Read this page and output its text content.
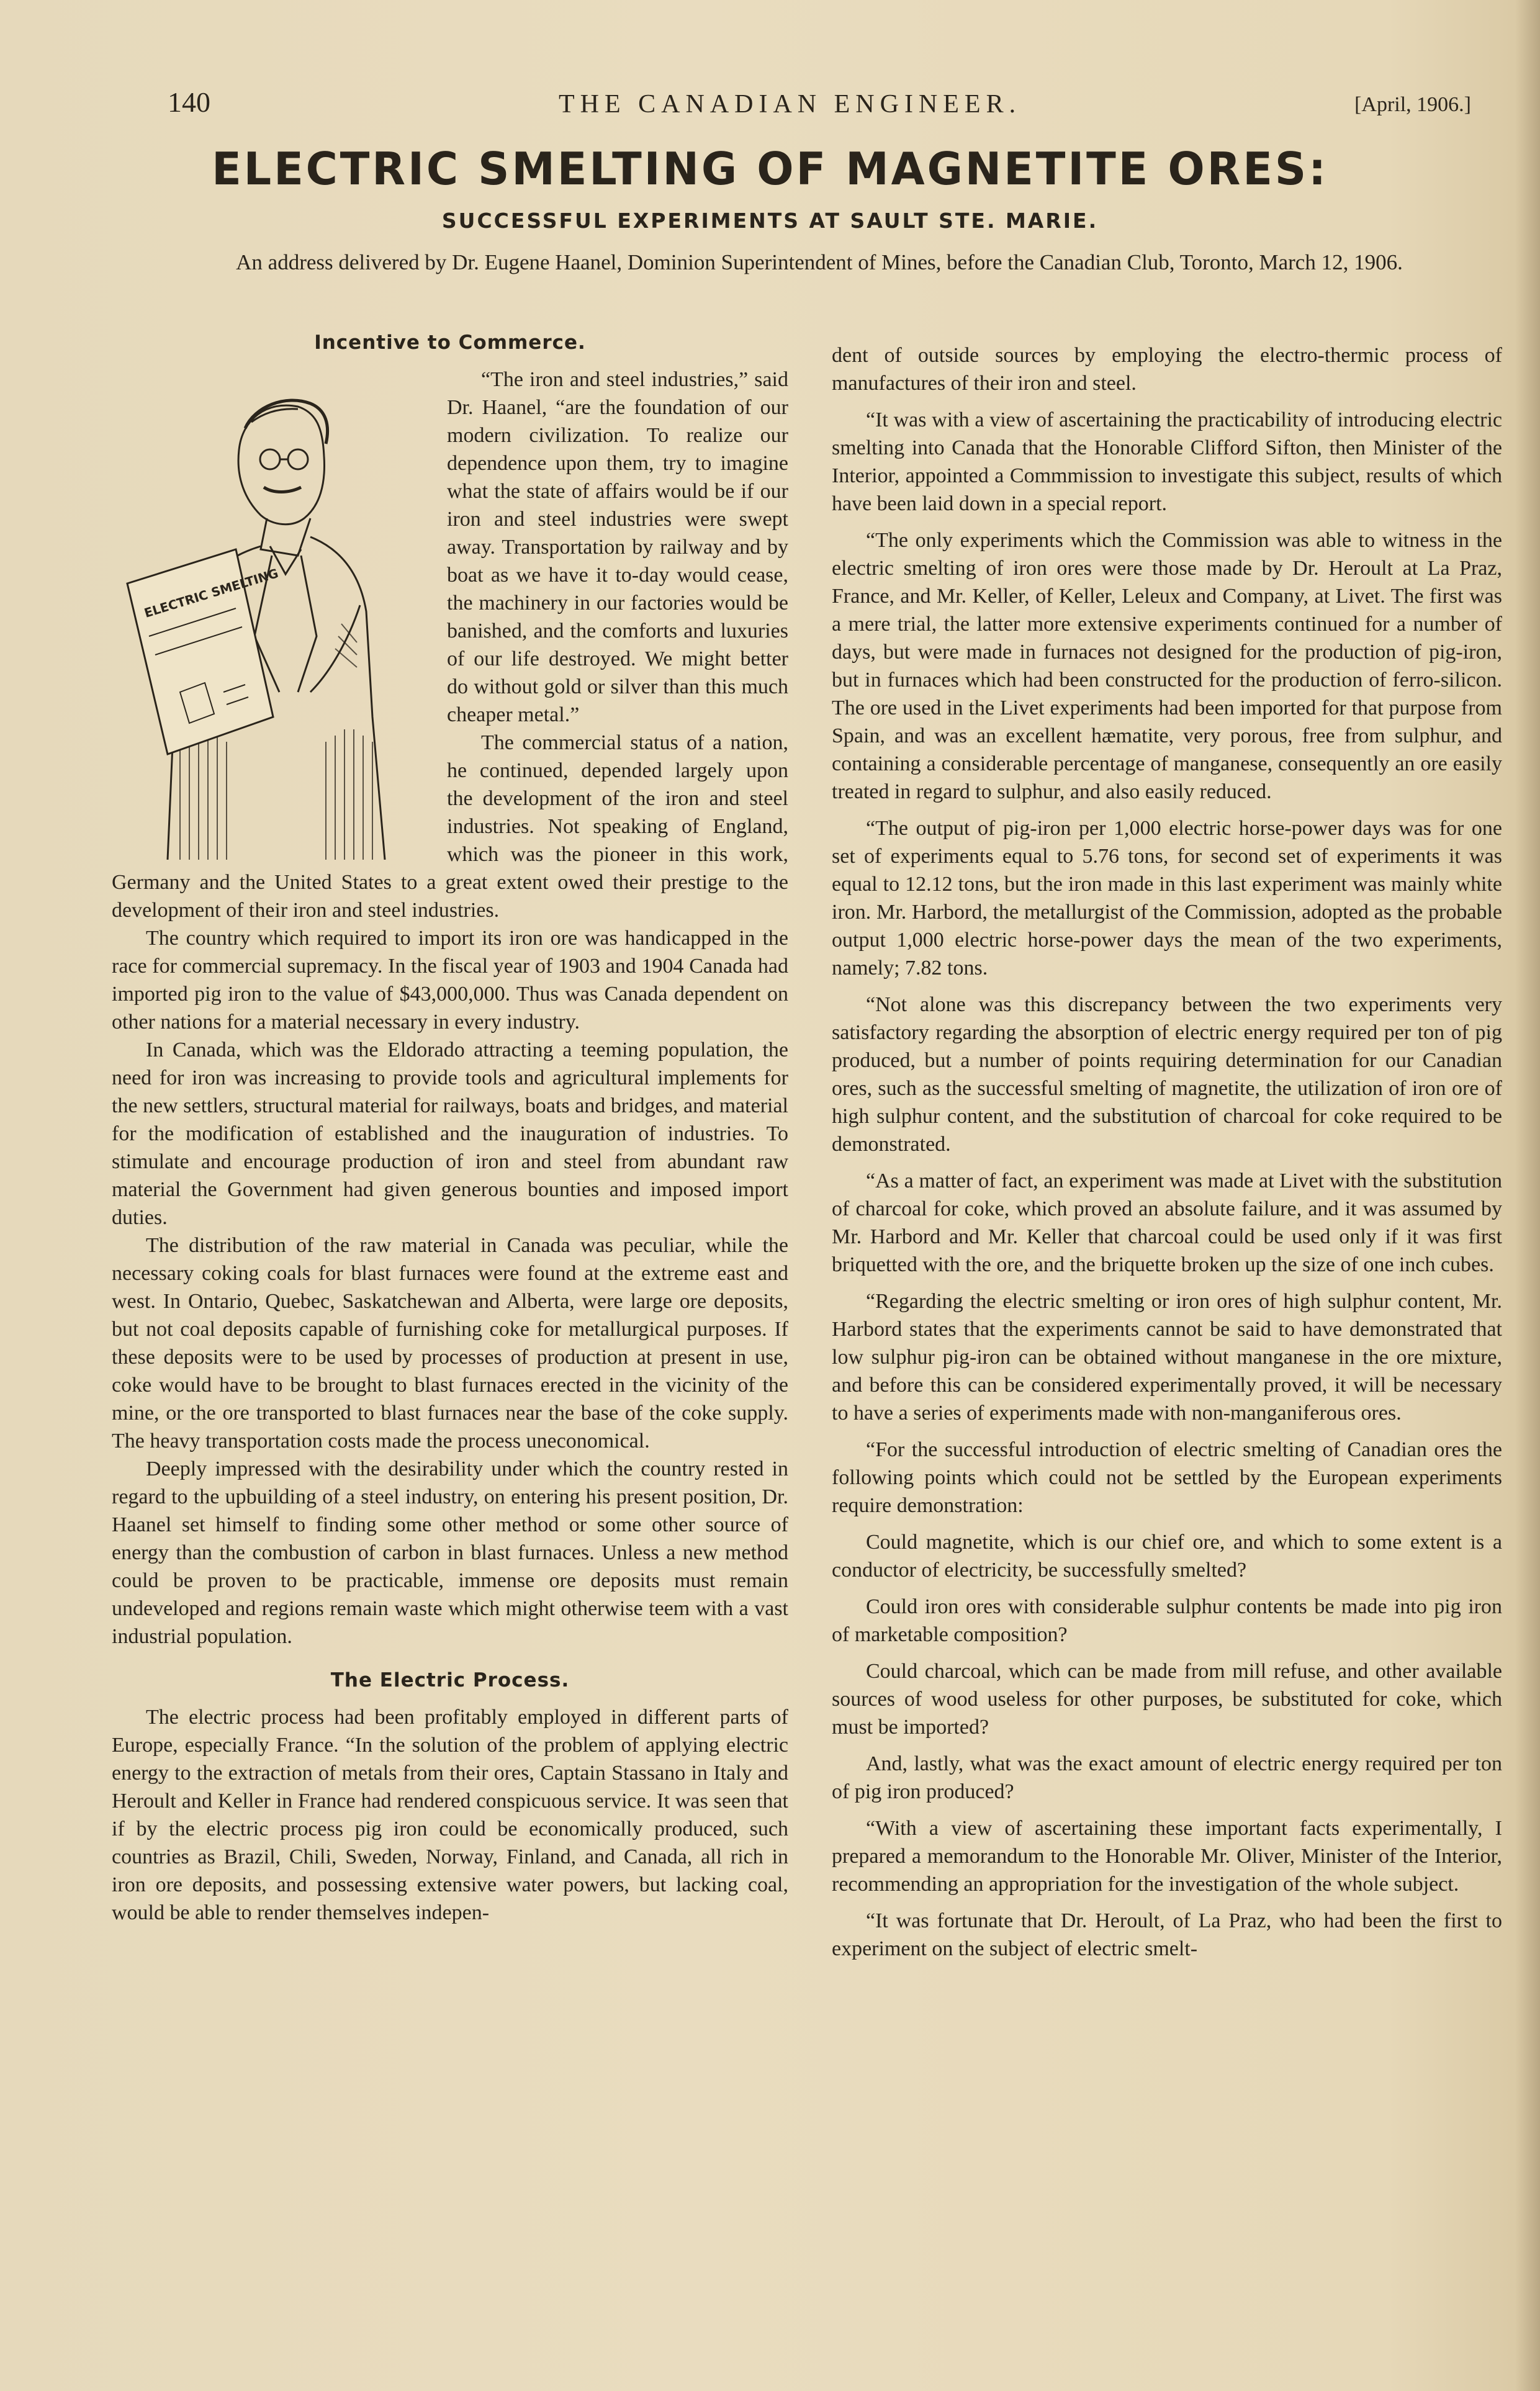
140	THE CANADIAN ENGINEER.	[April, 1906.]
ELECTRIC SMELTING OF MAGNETITE ORES:
SUCCESSFUL EXPERIMENTS AT SAULT STE. MARIE.
An address delivered by Dr. Eugene Haanel, Dominion Superintendent of Mines, before the Canadian Club, Toronto, March 12, 1906.
Incentive to Commerce.
ELECTRIC SMELTING

“The iron and steel industries,” said Dr. Haanel, “are the foundation of our modern civilization. To realize our dependence upon them, try to imagine what the state of affairs would be if our iron and steel industries were swept away. Transportation by railway and by boat as we have it to-day would cease, the machinery in our factories would be banished, and the comforts and luxuries of our life destroyed. We might better do without gold or silver than this much cheaper metal.”

The commercial status of a nation, he continued, depended largely upon the development of the iron and steel industries. Not speaking of England, which was the pioneer in this work, Germany and the United States to a great extent owed their prestige to the development of their iron and steel industries.

The country which required to import its iron ore was handicapped in the race for commercial supremacy. In the fiscal year of 1903 and 1904 Canada had imported pig iron to the value of $43,000,000. Thus was Canada dependent on other nations for a material necessary in every industry.

In Canada, which was the Eldorado attracting a teeming population, the need for iron was increasing to provide tools and agricultural implements for the new settlers, structural material for railways, boats and bridges, and material for the modification of established and the inauguration of industries. To stimulate and encourage production of iron and steel from abundant raw material the Government had given generous bounties and imposed import duties.

The distribution of the raw material in Canada was peculiar, while the necessary coking coals for blast furnaces were found at the extreme east and west. In Ontario, Quebec, Saskatchewan and Alberta, were large ore deposits, but not coal deposits capable of furnishing coke for metallurgical purposes. If these deposits were to be used by processes of production at present in use, coke would have to be brought to blast furnaces erected in the vicinity of the mine, or the ore transported to blast furnaces near the base of the coke supply. The heavy transportation costs made the process uneconomical.

Deeply impressed with the desirability under which the country rested in regard to the upbuilding of a steel industry, on entering his present position, Dr. Haanel set himself to finding some other method or some other source of energy than the combustion of carbon in blast furnaces. Unless a new method could be proven to be practicable, immense ore deposits must remain undeveloped and regions remain waste which might otherwise teem with a vast industrial population.

The Electric Process.

The electric process had been profitably employed in different parts of Europe, especially France. “In the solution of the problem of applying electric energy to the extraction of metals from their ores, Captain Stassano in Italy and Heroult and Keller in France had rendered conspicuous service. It was seen that if by the electric process pig iron could be economically produced, such countries as Brazil, Chili, Sweden, Norway, Finland, and Canada, all rich in iron ore deposits, and possessing extensive water powers, but lacking coal, would be able to render themselves indepen-

dent of outside sources by employing the electro-thermic process of manufactures of their iron and steel.

“It was with a view of ascertaining the practicability of introducing electric smelting into Canada that the Honorable Clifford Sifton, then Minister of the Interior, appointed a Commmission to investigate this subject, results of which have been laid down in a special report.

“The only experiments which the Commission was able to witness in the electric smelting of iron ores were those made by Dr. Heroult at La Praz, France, and Mr. Keller, of Keller, Leleux and Company, at Livet. The first was a mere trial, the latter more extensive experiments continued for a number of days, but were made in furnaces not designed for the production of pig-iron, but in furnaces which had been constructed for the production of ferro-silicon. The ore used in the Livet experiments had been imported for that purpose from Spain, and was an excellent hæmatite, very porous, free from sulphur, and containing a considerable percentage of manganese, consequently an ore easily treated in regard to sulphur, and also easily reduced.

“The output of pig-iron per 1,000 electric horse-power days was for one set of experiments equal to 5.76 tons, for second set of experiments it was equal to 12.12 tons, but the iron made in this last experiment was mainly white iron. Mr. Harbord, the metallurgist of the Commission, adopted as the probable output 1,000 electric horse-power days the mean of the two experiments, namely; 7.82 tons.

“Not alone was this discrepancy between the two experiments very satisfactory regarding the absorption of electric energy required per ton of pig produced, but a number of points requiring determination for our Canadian ores, such as the successful smelting of magnetite, the utilization of iron ore of high sulphur content, and the substitution of charcoal for coke required to be demonstrated.

“As a matter of fact, an experiment was made at Livet with the substitution of charcoal for coke, which proved an absolute failure, and it was assumed by Mr. Harbord and Mr. Keller that charcoal could be used only if it was first briquetted with the ore, and the briquette broken up the size of one inch cubes.

“Regarding the electric smelting or iron ores of high sulphur content, Mr. Harbord states that the experiments cannot be said to have demonstrated that low sulphur pig-iron can be obtained without manganese in the ore mixture, and before this can be considered experimentally proved, it will be necessary to have a series of experiments made with non-manganiferous ores.

“For the successful introduction of electric smelting of Canadian ores the following points which could not be settled by the European experiments require demonstration:

Could magnetite, which is our chief ore, and which to some extent is a conductor of electricity, be successfully smelted?

Could iron ores with considerable sulphur contents be made into pig iron of marketable composition?

Could charcoal, which can be made from mill refuse, and other available sources of wood useless for other purposes, be substituted for coke, which must be imported?

And, lastly, what was the exact amount of electric energy required per ton of pig iron produced?

“With a view of ascertaining these important facts experimentally, I prepared a memorandum to the Honorable Mr. Oliver, Minister of the Interior, recommending an appropriation for the investigation of the whole subject.

“It was fortunate that Dr. Heroult, of La Praz, who had been the first to experiment on the subject of electric smelt-
